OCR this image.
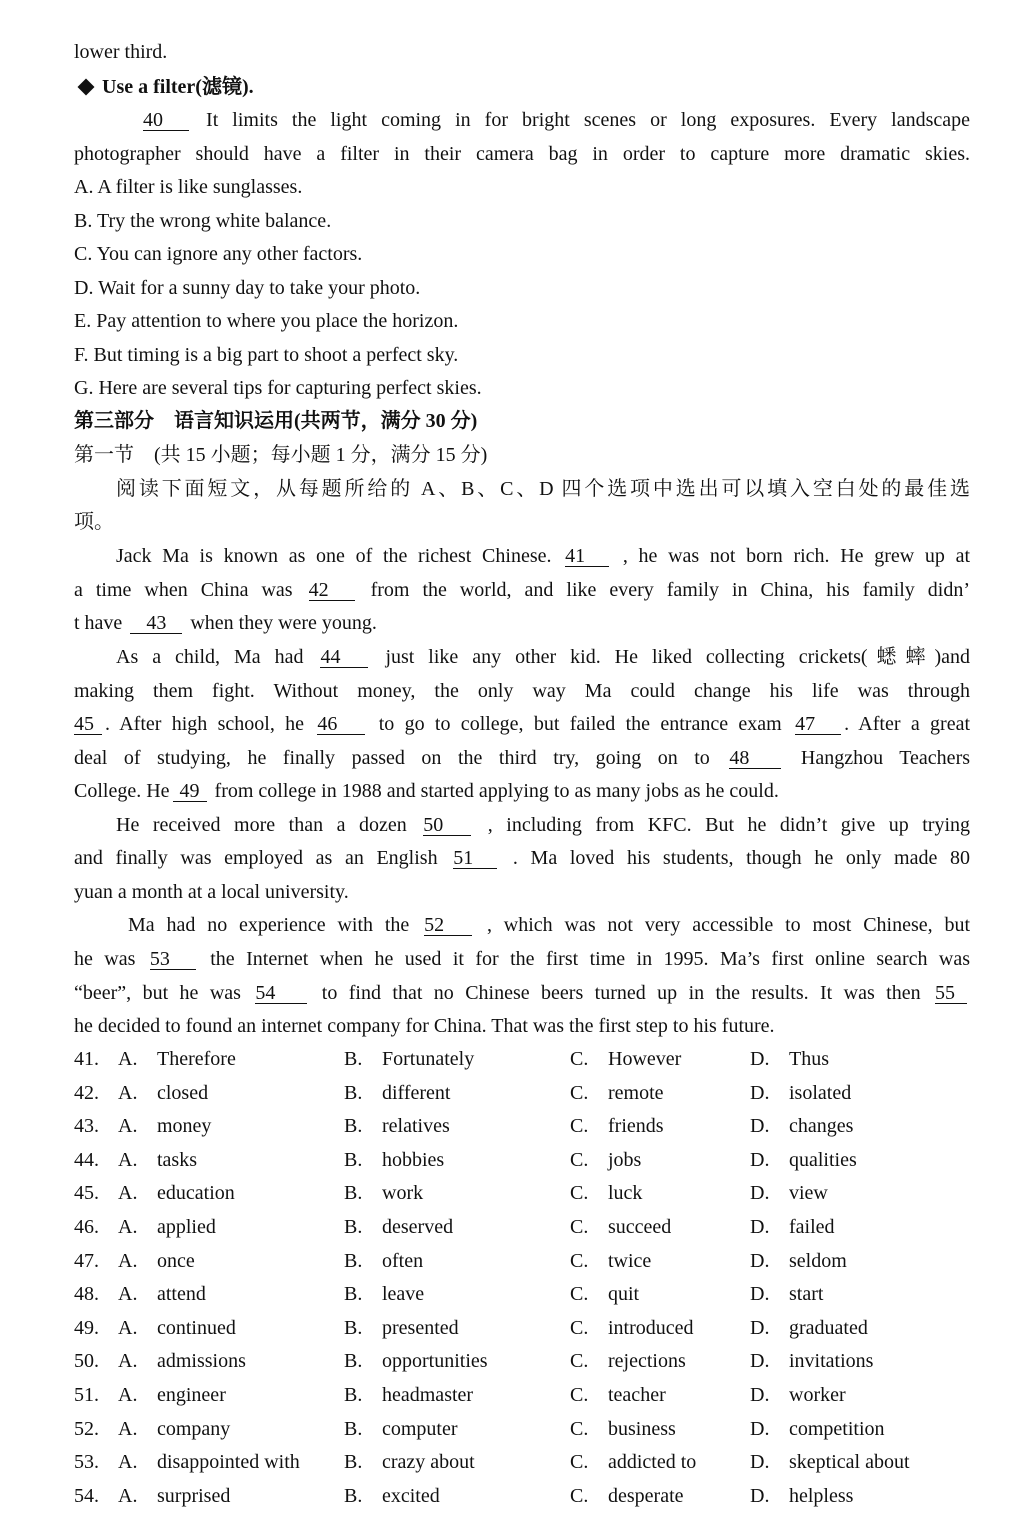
lower third.
Use a filter(滤镜).
40 It limits the light coming in for bright scenes or long exposures. Every landscape
photographer should have a filter in their camera bag in order to capture more dramatic skies.
A. A filter is like sunglasses.
B. Try the wrong white balance.
C. You can ignore any other factors.
D. Wait for a sunny day to take your photo.
E. Pay attention to where you place the horizon.
F. But timing is a big part to shoot a perfect sky.
G. Here are several tips for capturing perfect skies.
第三部分　语言知识运用(共两节，满分 30 分)
第一节　(共 15 小题；每小题 1 分，满分 15 分)
阅读下面短文，从每题所给的 A、B、C、D 四个选项中选出可以填入空白处的最佳选
项。
Jack Ma is known as one of the richest Chinese. 41 , he was not born rich. He grew up at
a time when China was 42 from the world, and like every family in China, his family didn’
t have 43 when they were young.
As a child, Ma had 44 just like any other kid. He liked collecting crickets(蟋蟀)and
making them fight. Without money, the only way Ma could change his life was through
45 . After high school, he 46 to go to college, but failed the entrance exam 47 . After a great
deal of studying, he finally passed on the third try, going on to 48	Hangzhou Teachers
College. He 49 from college in 1988 and started applying to as many jobs as he could.
He received more than a dozen 50 , including from KFC. But he didn’t give up trying
and finally was employed as an English 51 . Ma loved his students, though he only made 80
yuan a month at a local university.
Ma had no experience with the 52 , which was not very accessible to most Chinese, but
he was 53 the Internet when he used it for the first time in 1995. Ma’s first online search was
“beer”, but he was 54 to find that no Chinese beers turned up in the results. It was then 55
he decided to found an internet company for China. That was the first step to his future.
41. A. Therefore	B. Fortunately	C. However	D. Thus
42. A. closed	B. different	C. remote	D. isolated
43. A. money	B. relatives	C. friends	D. changes
44. A. tasks	B. hobbies	C. jobs	D. qualities
45. A. education	B. work	C. luck	D. view
46. A. applied	B. deserved	C. succeed	D. failed
47. A. once	B. often	C. twice	D. seldom
48. A. attend	B. leave	C. quit	D. start
49. A. continued	B. presented	C. introduced	D. graduated
50. A. admissions	B. opportunities	C. rejections	D. invitations
51. A. engineer	B. headmaster	C. teacher	D. worker
52. A. company	B. computer	C. business	D. competition
53. A. disappointed with B. crazy about	C. addicted to	D. skeptical about
54. A. surprised	B. excited	C. desperate	D. helpless
